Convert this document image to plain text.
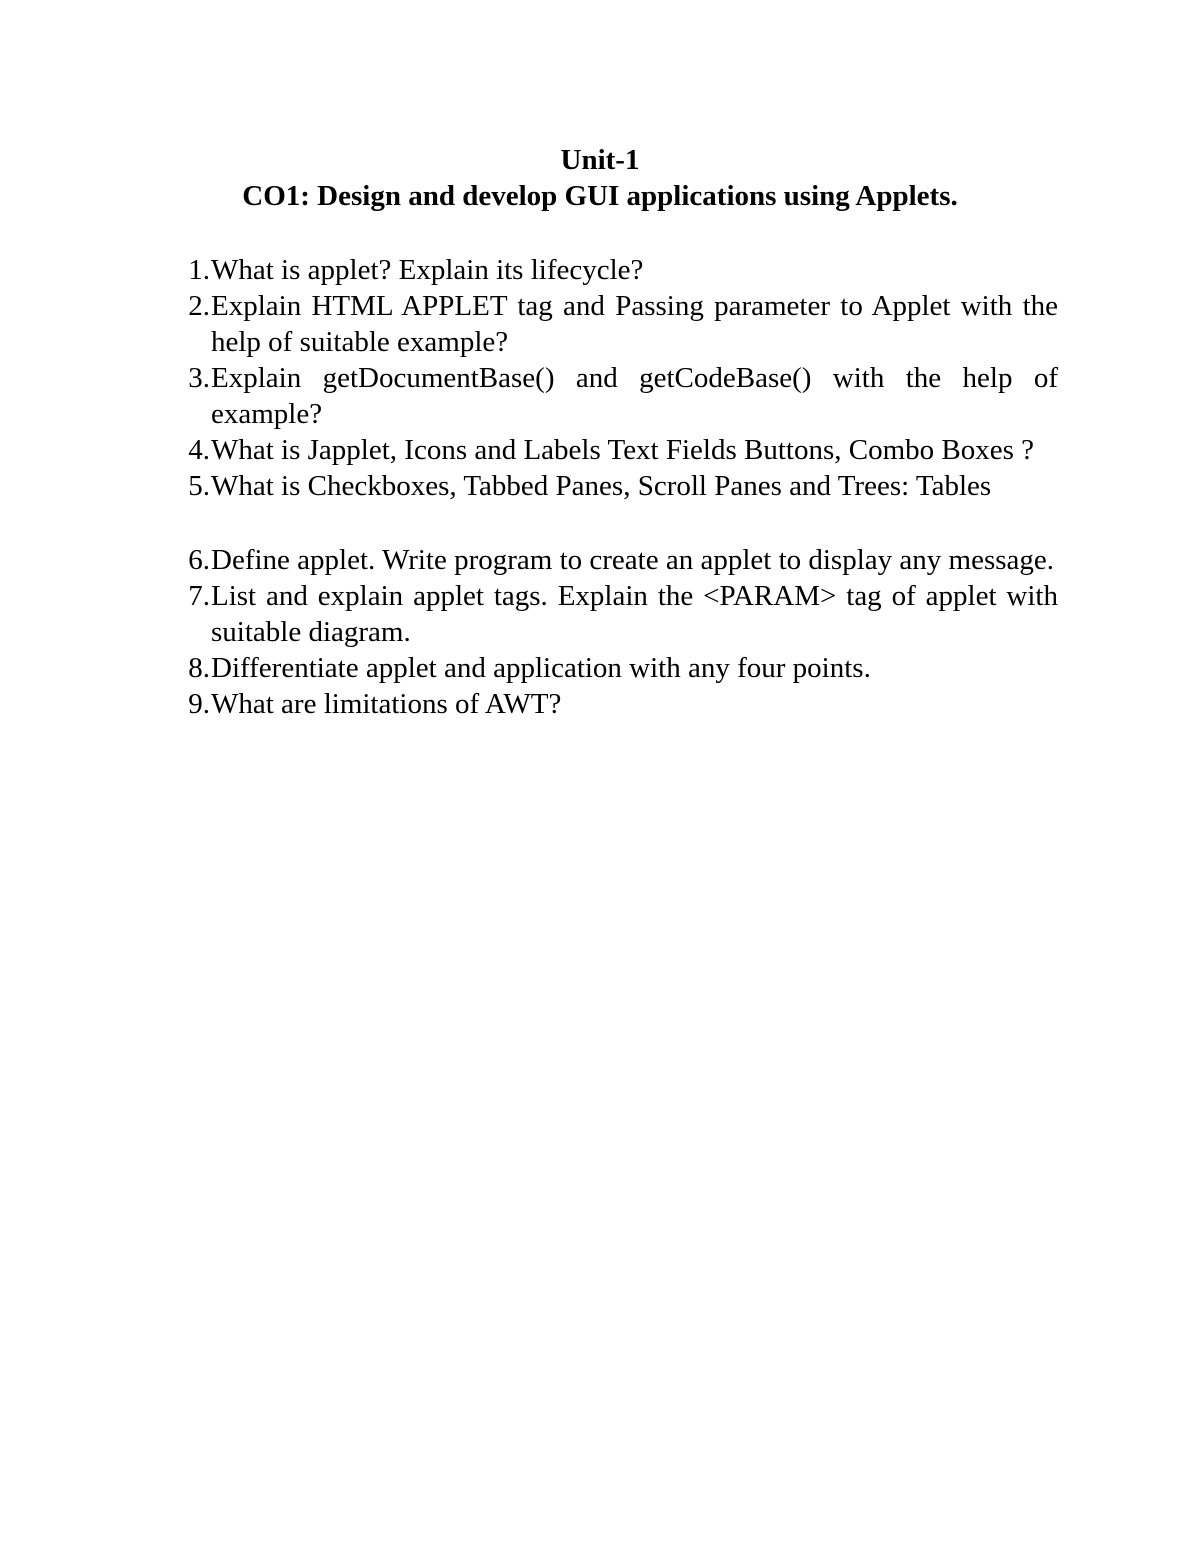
Unit-1
CO1: Design and develop GUI applications using Applets.
1. What is applet? Explain its lifecycle?
2. Explain HTML APPLET tag and Passing parameter to Applet with the help of suitable example?
3. Explain getDocumentBase() and getCodeBase() with the help of example?
4. What is Japplet, Icons and Labels Text Fields Buttons, Combo Boxes ?
5. What is Checkboxes, Tabbed Panes, Scroll Panes and Trees: Tables
6. Define applet. Write program to create an applet to display any message.
7. List and explain applet tags. Explain the <PARAM> tag of applet with suitable diagram.
8. Differentiate applet and application with any four points.
9. What are limitations of AWT?
